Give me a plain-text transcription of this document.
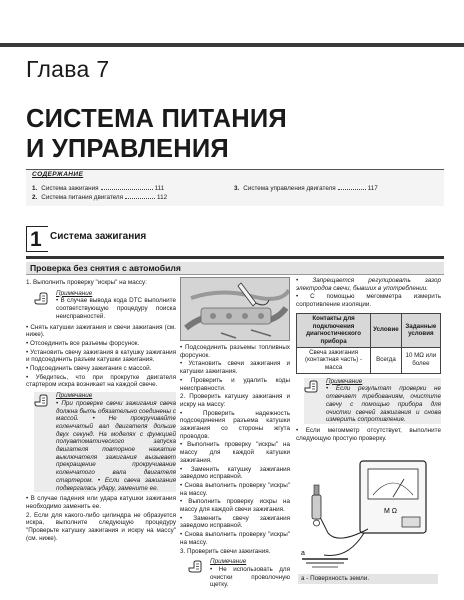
Глава 7
СИСТЕМА ПИТАНИЯ
И УПРАВЛЕНИЯ
СОДЕРЖАНИЕ
1. Система зажигания	111
2. Система питания двигателя	112
3. Система управления двигателя	117
1 Система зажигания
Проверка без снятия с автомобиля

1. Выполнить проверку "искры" на массу:

Примечание
• В случае вывода кода DTC выполните соответствующую процедуру поиска неисправностей.

• Снять катушки зажигания и свечи зажигания (см. ниже).

• Отсоединить все разъемы форсунок.

• Установить свечу зажигания в катушку зажигания и подсоединить разъем катушки зажигания.

• Подсоединить свечу зажигания с массой.

• Убедитесь, что при прокрутке двигателя стартером искра возникает на каждой свече.

Примечание
• При проверке свечи зажигания свеча должна быть обязательно соединены с массой. • Не прокручивайте коленчатый вал двигателя дольше двух секунд. На моделях с функцией полуавтоматического запуска двигателя повторное нажатие выключателя зажигания вызывает прекращение прокручивание коленчатого вала двигателя стартером. • Если свеча зажигания подвергалась удару, замените ее.

• В случае падения или удара катушки зажигания необходимо заменить ее.

2. Если для какого-либо цилиндра не образуется искра, выполните следующую процедуру "Проверьте катушку зажигания и искру на массу" (см. ниже).

• Подсоединить разъемы топливных форсунок.

• Установить свечи зажигания и катушки зажигания.

• Проверить и удалить коды неисправности.

2. Проверить катушку зажигания и искру на массу:

• Проверить надежность подсоединения разъема катушки зажигания со стороны жгута проводов.

• Выполнить проверку "искры" на массу для каждой катушки зажигания.

• Заменить катушку зажигания заведомо исправной.

• Снова выполнить проверку "искры" на массу.

• Выполнить проверку искры на массу для каждой свечи зажигания.

• Заменить свечу зажигания заведомо исправной.

• Снова выполнить проверку "искры" на массу.

3. Проверить свечи зажигания.

Примечание
• Не использовать для очистки проволочную щетку.

• Запрещается регулировать зазор электродов свечи, бывших в употреблении.

• С помощью мегомметра измерить сопротивление изоляции.

Контакты для подключения диагностического прибора	Условие	Заданные условия
Свеча зажигания (контактная часть) - масса	Всегда	10 MΩ или более
Примечание
• Если результат проверки не отвечает требованиям, очистите свечу с помощью прибора для очистки свечей зажигания и снова измерить сопротивление.

• Если мегомметр отсутствует, выполните следующую простую проверку.

M Ω
a
a - Поверхность земли.
